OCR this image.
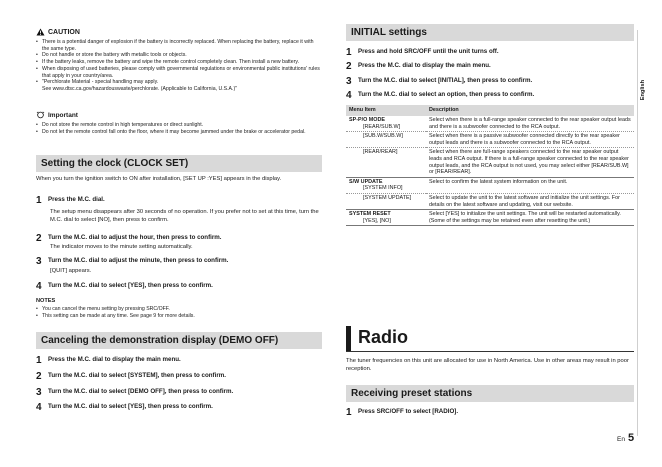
CAUTION
• There is a potential danger of explosion if the battery is incorrectly replaced. When replacing the battery, replace it with the same type.
• Do not handle or store the battery with metallic tools or objects.
• If the battery leaks, remove the battery and wipe the remote control completely clean. Then install a new battery.
• When disposing of used batteries, please comply with governmental regulations or environmental public institutions' rules that apply in your country/area.
• "Perchlorate Material - special handling may apply.
See www.dtsc.ca.gov/hazardouswaste/perchlorate. (Applicable to California, U.S.A.)"
Important
• Do not store the remote control in high temperatures or direct sunlight.
• Do not let the remote control fall onto the floor, where it may become jammed under the brake or accelerator pedal.
Setting the clock (CLOCK SET)
When you turn the ignition switch to ON after installation, [SET UP :YES] appears in the display.
1	Press the M.C. dial.
The setup menu disappears after 30 seconds of no operation. If you prefer not to set at this time, turn the M.C. dial to select [NO], then press to confirm.
2	Turn the M.C. dial to adjust the hour, then press to confirm.
The indicator moves to the minute setting automatically.
3	Turn the M.C. dial to adjust the minute, then press to confirm.
[QUIT] appears.
4	Turn the M.C. dial to select [YES], then press to confirm.
NOTES
• You can cancel the menu setting by pressing SRC/OFF.
• This setting can be made at any time. See page 9 for more details.
Canceling the demonstration display (DEMO OFF)
1	Press the M.C. dial to display the main menu.
2	Turn the M.C. dial to select [SYSTEM], then press to confirm.
3	Turn the M.C. dial to select [DEMO OFF], then press to confirm.
4	Turn the M.C. dial to select [YES], then press to confirm.
INITIAL settings
1	Press and hold SRC/OFF until the unit turns off.
2	Press the M.C. dial to display the main menu.
3	Turn the M.C. dial to select [INITIAL], then press to confirm.
4	Turn the M.C. dial to select an option, then press to confirm.
Menu Item	Description

SP-P/O MODE
[REAR/SUB.W]	Select when there is a full-range speaker connected to the rear speaker output leads and there is a subwoofer connected to the RCA output.

[SUB.W/SUB.W]	Select when there is a passive subwoofer connected directly to the rear speaker output leads and there is a subwoofer connected to the RCA output.

[REAR/REAR]	Select when there are full-range speakers connected to the rear speaker output leads and RCA output. If there is a full-range speaker connected to the rear speaker output leads, and the RCA output is not used, you may select either [REAR/SUB.W] or [REAR/REAR].

S/W UPDATE
[SYSTEM INFO]	Select to confirm the latest system information on the unit.

[SYSTEM UPDATE]	Select to update the unit to the latest software and initialize the unit settings. For details on the latest software and updating, visit our website.

SYSTEM RESET
[YES], [NO]	Select [YES] to initialize the unit settings. The unit will be restarted automatically. (Some of the settings may be retained even after resetting the unit.)
Radio
The tuner frequencies on this unit are allocated for use in North America. Use in other areas may result in poor reception.
Receiving preset stations
1	Press SRC/OFF to select [RADIO].
English
En 5
